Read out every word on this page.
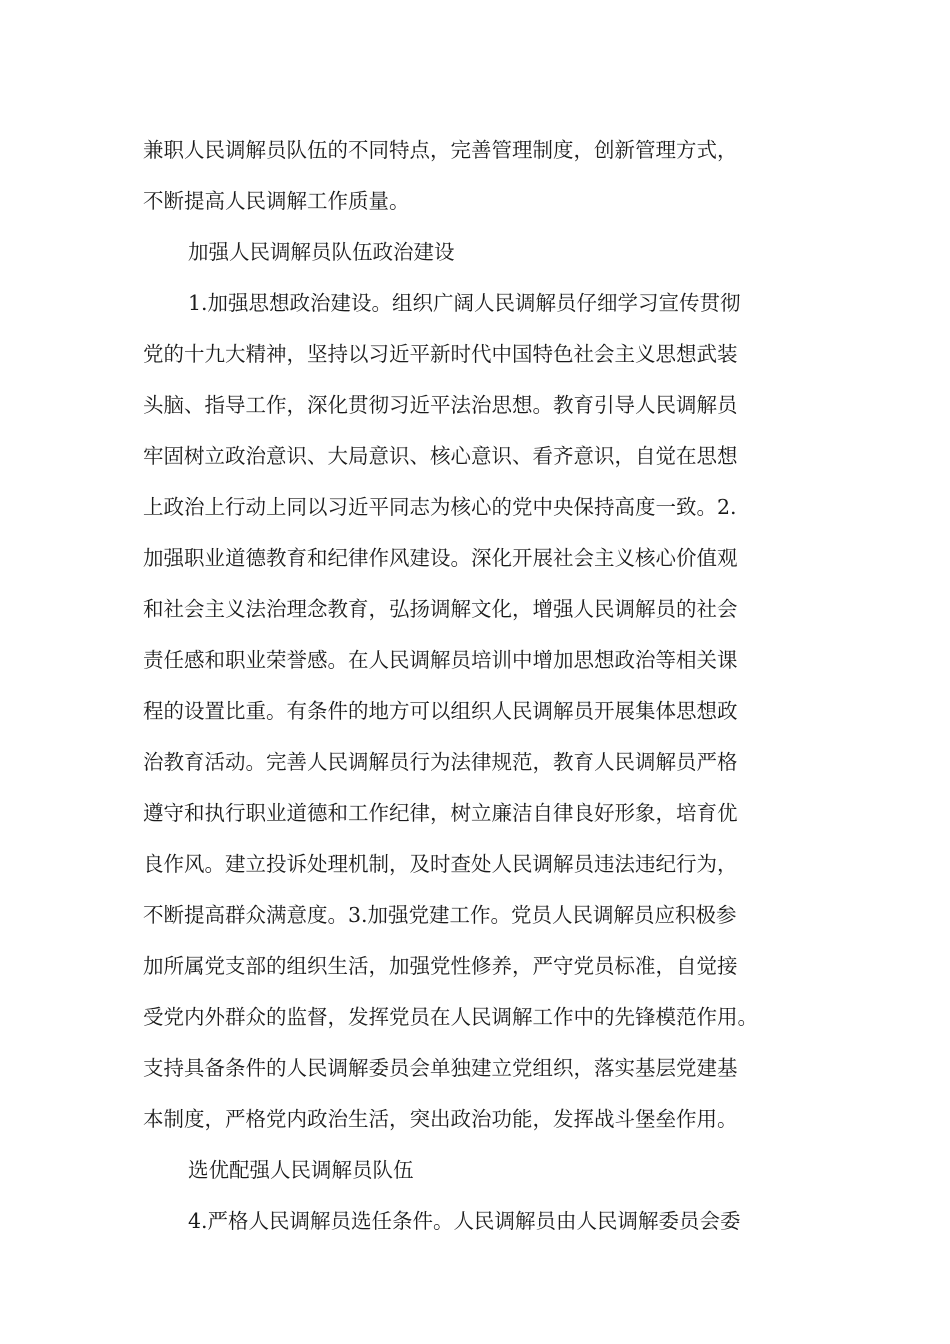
兼职人民调解员队伍的不同特点，完善管理制度，创新管理方式，
不断提高人民调解工作质量。
加强人民调解员队伍政治建设
1.加强思想政治建设。组织广阔人民调解员仔细学习宣传贯彻
党的十九大精神，坚持以习近平新时代中国特色社会主义思想武装
头脑、指导工作，深化贯彻习近平法治思想。教育引导人民调解员
牢固树立政治意识、大局意识、核心意识、看齐意识，自觉在思想
上政治上行动上同以习近平同志为核心的党中央保持高度一致。2.
加强职业道德教育和纪律作风建设。深化开展社会主义核心价值观
和社会主义法治理念教育，弘扬调解文化，增强人民调解员的社会
责任感和职业荣誉感。在人民调解员培训中增加思想政治等相关课
程的设置比重。有条件的地方可以组织人民调解员开展集体思想政
治教育活动。完善人民调解员行为法律规范，教育人民调解员严格
遵守和执行职业道德和工作纪律，树立廉洁自律良好形象，培育优
良作风。建立投诉处理机制，及时查处人民调解员违法违纪行为，
不断提高群众满意度。3.加强党建工作。党员人民调解员应积极参
加所属党支部的组织生活，加强党性修养，严守党员标准，自觉接
受党内外群众的监督，发挥党员在人民调解工作中的先锋模范作用。
支持具备条件的人民调解委员会单独建立党组织，落实基层党建基
本制度，严格党内政治生活，突出政治功能，发挥战斗堡垒作用。
选优配强人民调解员队伍
4.严格人民调解员选任条件。人民调解员由人民调解委员会委
